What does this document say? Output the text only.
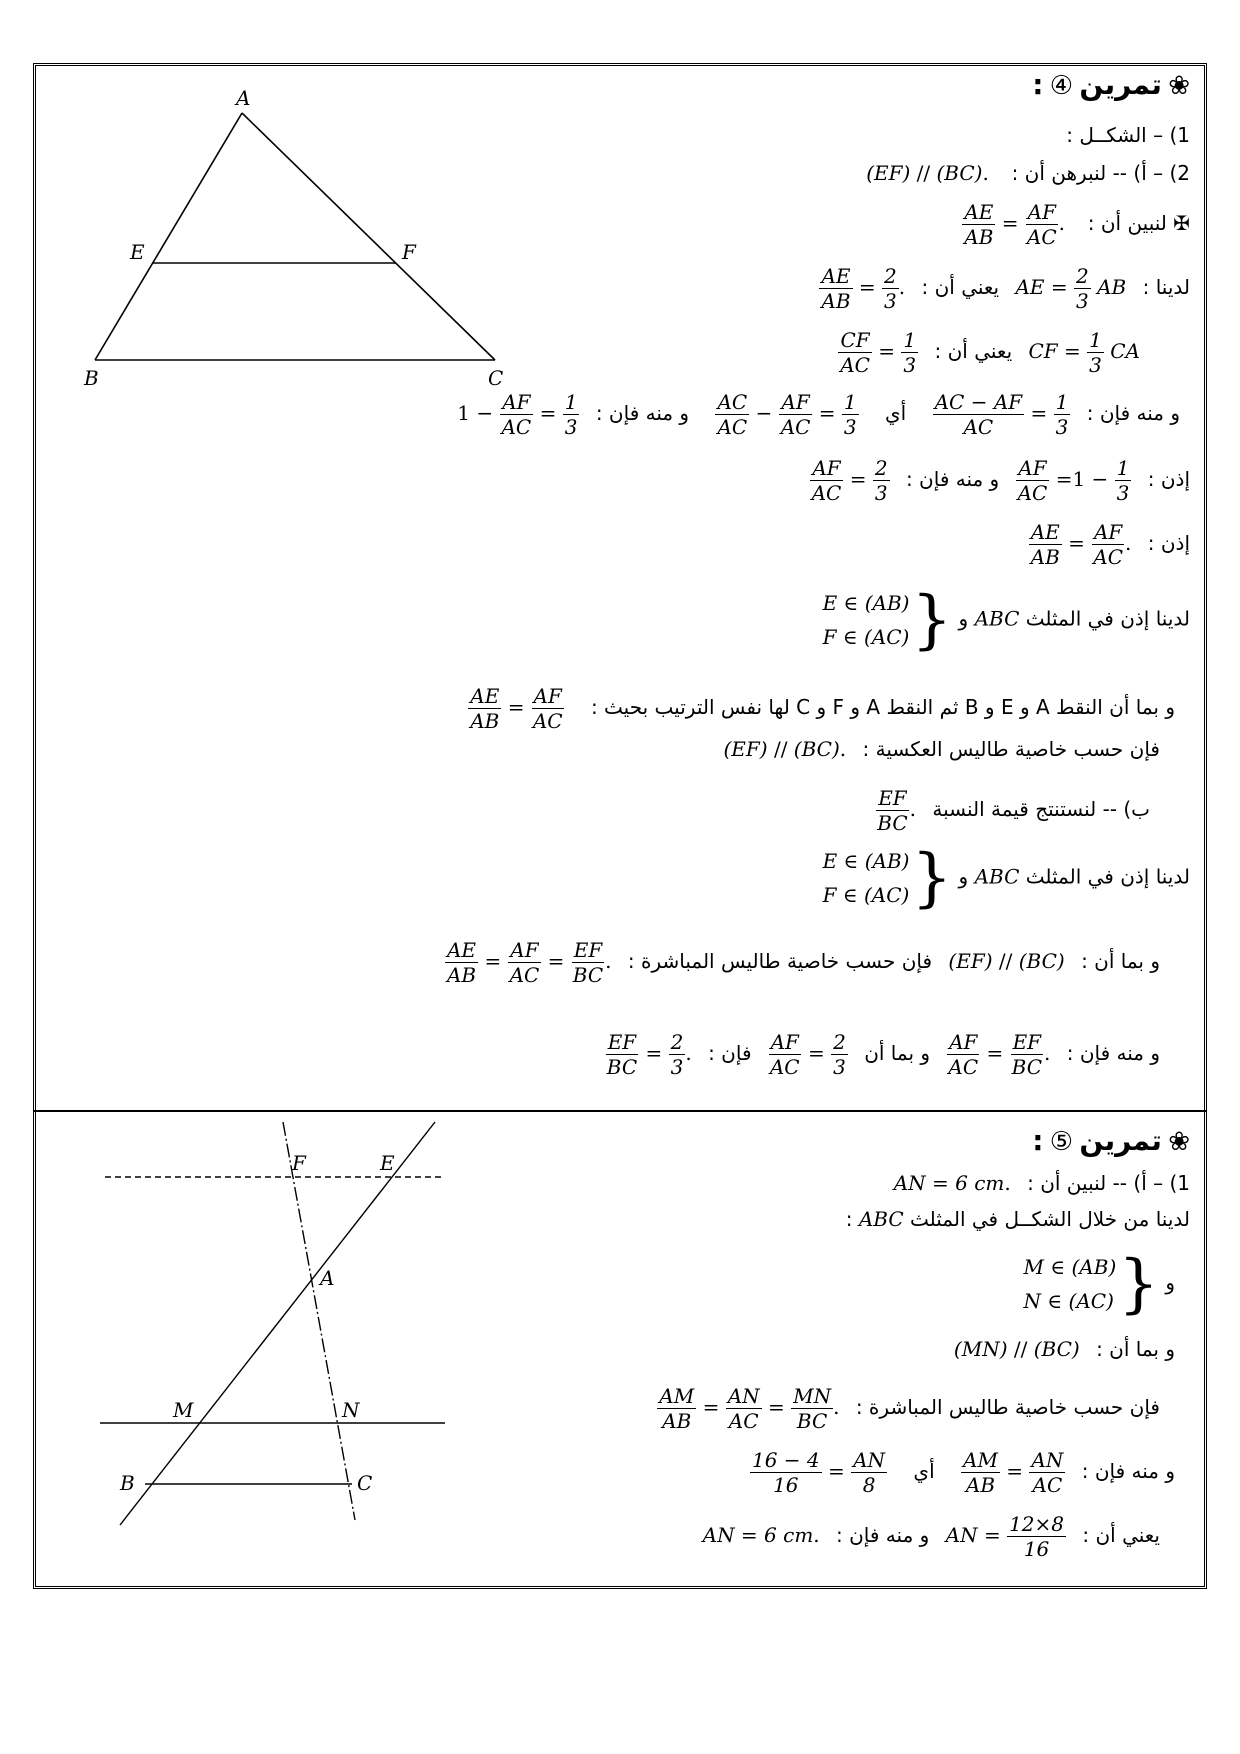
A
B	C
E	F
❀ تمرين ④ :
1) – الشكــل :
2) – أ) -- لنبرهن أن :  (EF) // (BC).
✠ لنبين أن :
$\frac{AE}{AB} = \frac{AF}{AC}$ .
لدينا : AE = $\frac{2}{3}$ AB يعني أن :
$\frac{AE}{AB} = \frac{2}{3}$ .
CF = $\frac{1}{3}$ CA يعني أن :
$\frac{CF}{AC} = \frac{1}{3}$
و منه فإن :
$\frac{AC - AF}{AC} = \frac{1}{3}$
أي
$\frac{AC}{AC} - \frac{AF}{AC} = \frac{1}{3}$
و منه فإن : $1 - \frac{AF}{AC} = \frac{1}{3}$
إذن :
$\frac{AF}{AC} =1 - \frac{1}{3}$
و منه فإن :
$\frac{AF}{AC} = \frac{2}{3}$
إذن :
$\frac{AE}{AB} = \frac{AF}{AC}$ .
لدينا إذن في المثلث ABC و
E ∈ (AB)
F ∈ (AC) }
و بما أن النقط A و E و B ثم النقط A و F و C لها نفس الترتيب بحيث :
$\frac{AE}{AB} = \frac{AF}{AC}$
فإن حسب خاصية طاليس العكسية : (EF) // (BC).
ب) -- لنستنتج قيمة النسبة
$\frac{EF}{BC}$ .
لدينا إذن في المثلث ABC و
E ∈ (AB)
F ∈ (AC) }
و بما أن : (EF) // (BC) فإن حسب خاصية طاليس المباشرة :
$\frac{AE}{AB} = \frac{AF}{AC} = \frac{EF}{BC}$ .
و منه فإن :
$\frac{AF}{AC} = \frac{EF}{BC}$ . و بما أن
$\frac{AF}{AC} = \frac{2}{3}$
فإن :
$\frac{EF}{BC} = \frac{2}{3}$ .
F	E
A
M	N
B	C
❀ تمرين ⑤ :
1) – أ) -- لنبين أن : AN = 6 cm.
لدينا من خلال الشكــل في المثلث ABC :
و
M ∈ (AB)
N ∈ (AC) }
و بما أن : (MN) // (BC)
فإن حسب خاصية طاليس المباشرة :
$\frac{AM}{AB} = \frac{AN}{AC} = \frac{MN}{BC}$ .
و منه فإن :
$\frac{AM}{AB} = \frac{AN}{AC}$
أي
$\frac{16 - 4}{16} = \frac{AN}{8}$
يعني أن : AN = $\frac{12\times 8}{16}$
و منه فإن : AN = 6 cm.
